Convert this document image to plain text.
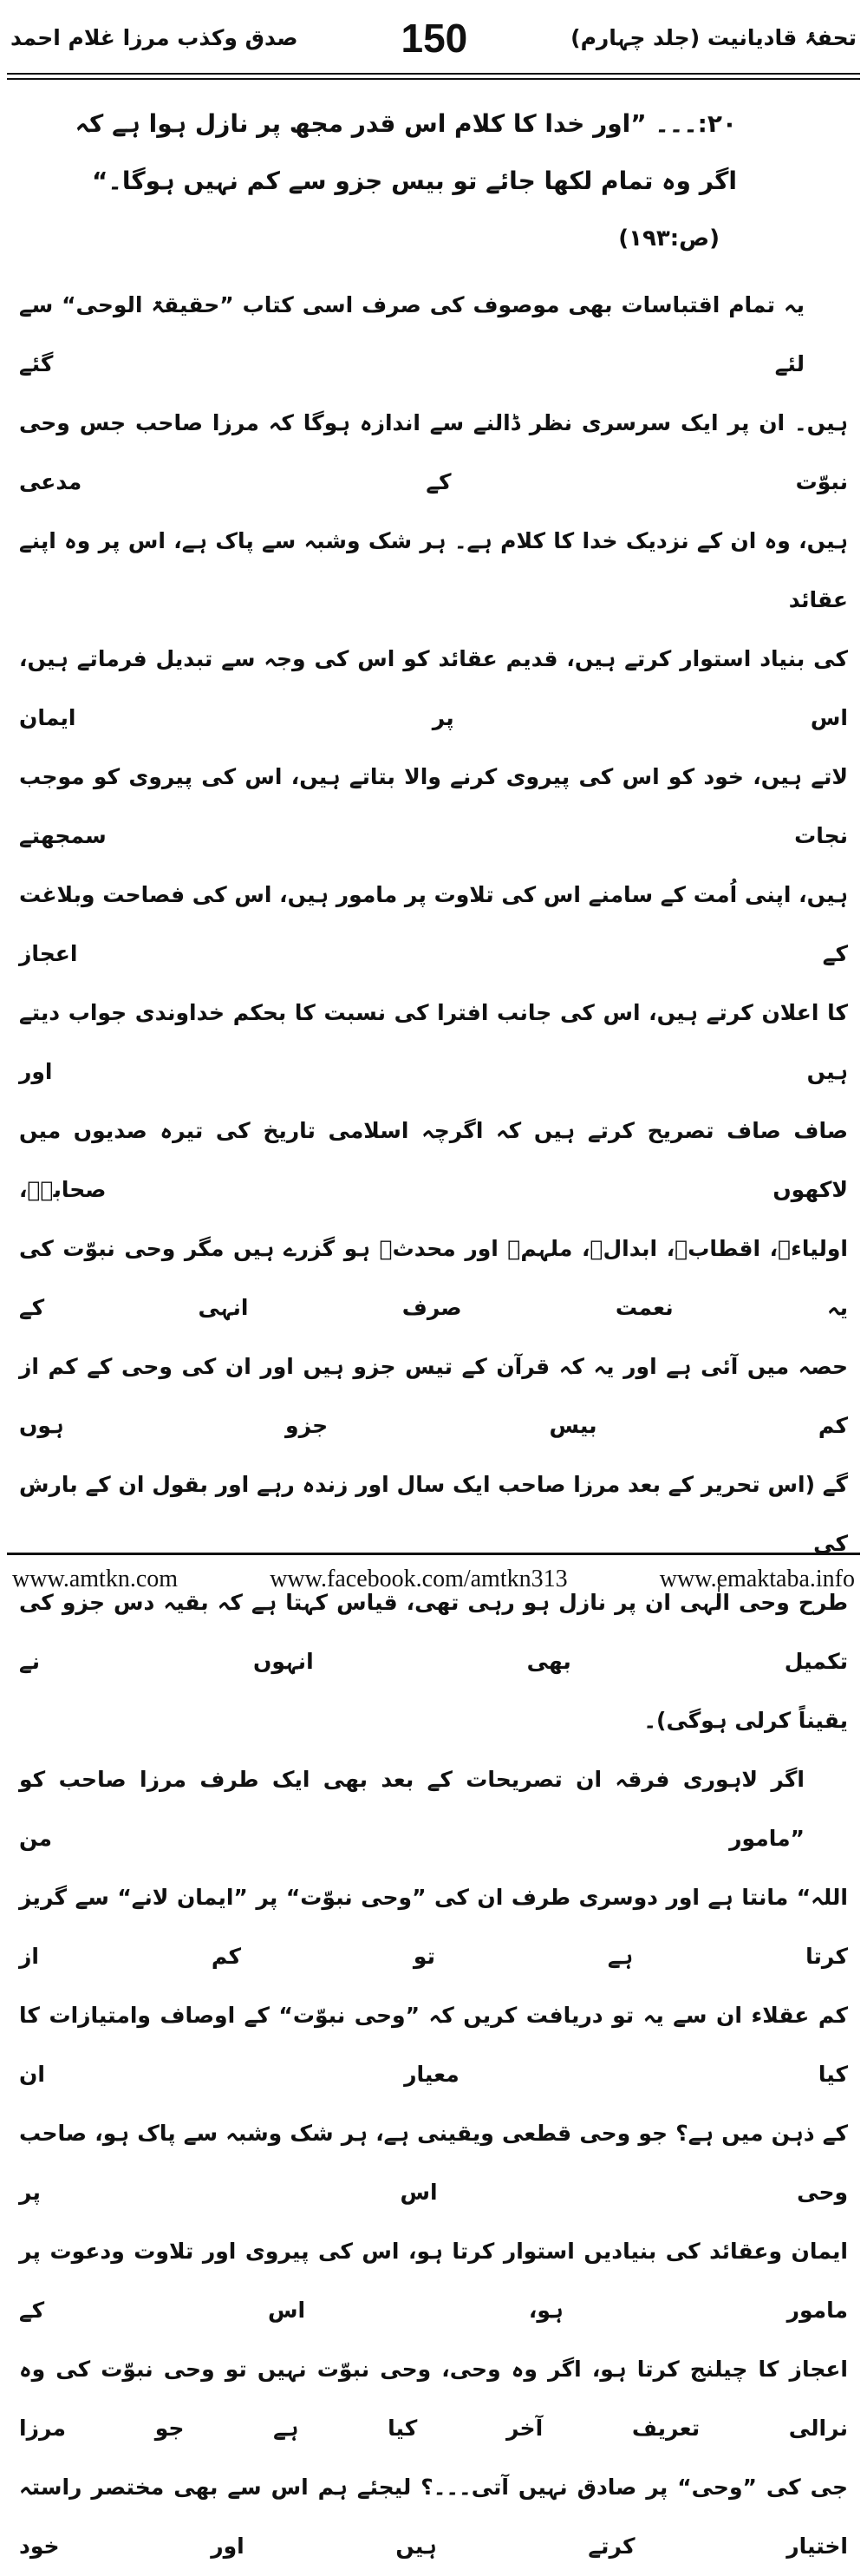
تحفۂ قادیانیت (جلد چہارم)
150
صدق وکذب مرزا غلام احمد
۲۰:۔۔۔ ”اور خدا کا کلام اس قدر مجھ پر نازل ہوا ہے کہ
اگر وہ تمام لکھا جائے تو بیس جزو سے کم نہیں ہوگا۔“
(ص:۱۹۳)
یہ تمام اقتباسات بھی موصوف کی صرف اسی کتاب ”حقیقۃ الوحی“ سے لئے گئے
ہیں۔ ان پر ایک سرسری نظر ڈالنے سے اندازہ ہوگا کہ مرزا صاحب جس وحی نبوّت کے مدعی
ہیں، وہ ان کے نزدیک خدا کا کلام ہے۔ ہر شک وشبہ سے پاک ہے، اس پر وہ اپنے عقائد
کی بنیاد استوار کرتے ہیں، قدیم عقائد کو اس کی وجہ سے تبدیل فرماتے ہیں، اس پر ایمان
لاتے ہیں، خود کو اس کی پیروی کرنے والا بتاتے ہیں، اس کی پیروی کو موجب نجات سمجھتے
ہیں، اپنی اُمت کے سامنے اس کی تلاوت پر مامور ہیں، اس کی فصاحت وبلاغت کے اعجاز
کا اعلان کرتے ہیں، اس کی جانب افترا کی نسبت کا بحکم خداوندی جواب دیتے ہیں اور
صاف صاف تصریح کرتے ہیں کہ اگرچہ اسلامی تاریخ کی تیرہ صدیوں میں لاکھوں صحابہؓ،
اولیاءؒ، اقطابؒ، ابدالؒ، ملہمؒ اور محدثؒ ہو گزرے ہیں مگر وحی نبوّت کی یہ نعمت صرف انہی کے
حصہ میں آئی ہے اور یہ کہ قرآن کے تیس جزو ہیں اور ان کی وحی کے کم از کم بیس جزو ہوں
گے (اس تحریر کے بعد مرزا صاحب ایک سال اور زندہ رہے اور بقول ان کے بارش کی
طرح وحی الٰہی ان پر نازل ہو رہی تھی، قیاس کہتا ہے کہ بقیہ دس جزو کی تکمیل بھی انہوں نے
یقیناً کرلی ہوگی)۔
اگر لاہوری فرقہ ان تصریحات کے بعد بھی ایک طرف مرزا صاحب کو ”مامور من
اللہ“ مانتا ہے اور دوسری طرف ان کی ”وحی نبوّت“ پر ”ایمان لانے“ سے گریز کرتا ہے تو کم از
کم عقلاء ان سے یہ تو دریافت کریں کہ ”وحی نبوّت“ کے اوصاف وامتیازات کا کیا معیار ان
کے ذہن میں ہے؟ جو وحی قطعی ویقینی ہے، ہر شک وشبہ سے پاک ہو، صاحب وحی اس پر
ایمان وعقائد کی بنیادیں استوار کرتا ہو، اس کی پیروی اور تلاوت ودعوت پر مامور ہو، اس کے
اعجاز کا چیلنج کرتا ہو، اگر وہ وحی، وحی نبوّت نہیں تو وحی نبوّت کی وہ نرالی تعریف آخر کیا ہے جو مرزا
جی کی ”وحی“ پر صادق نہیں آتی۔۔۔؟ لیجئے ہم اس سے بھی مختصر راستہ اختیار کرتے ہیں اور خود
www.amtkn.com	www.facebook.com/amtkn313	www.emaktaba.info
